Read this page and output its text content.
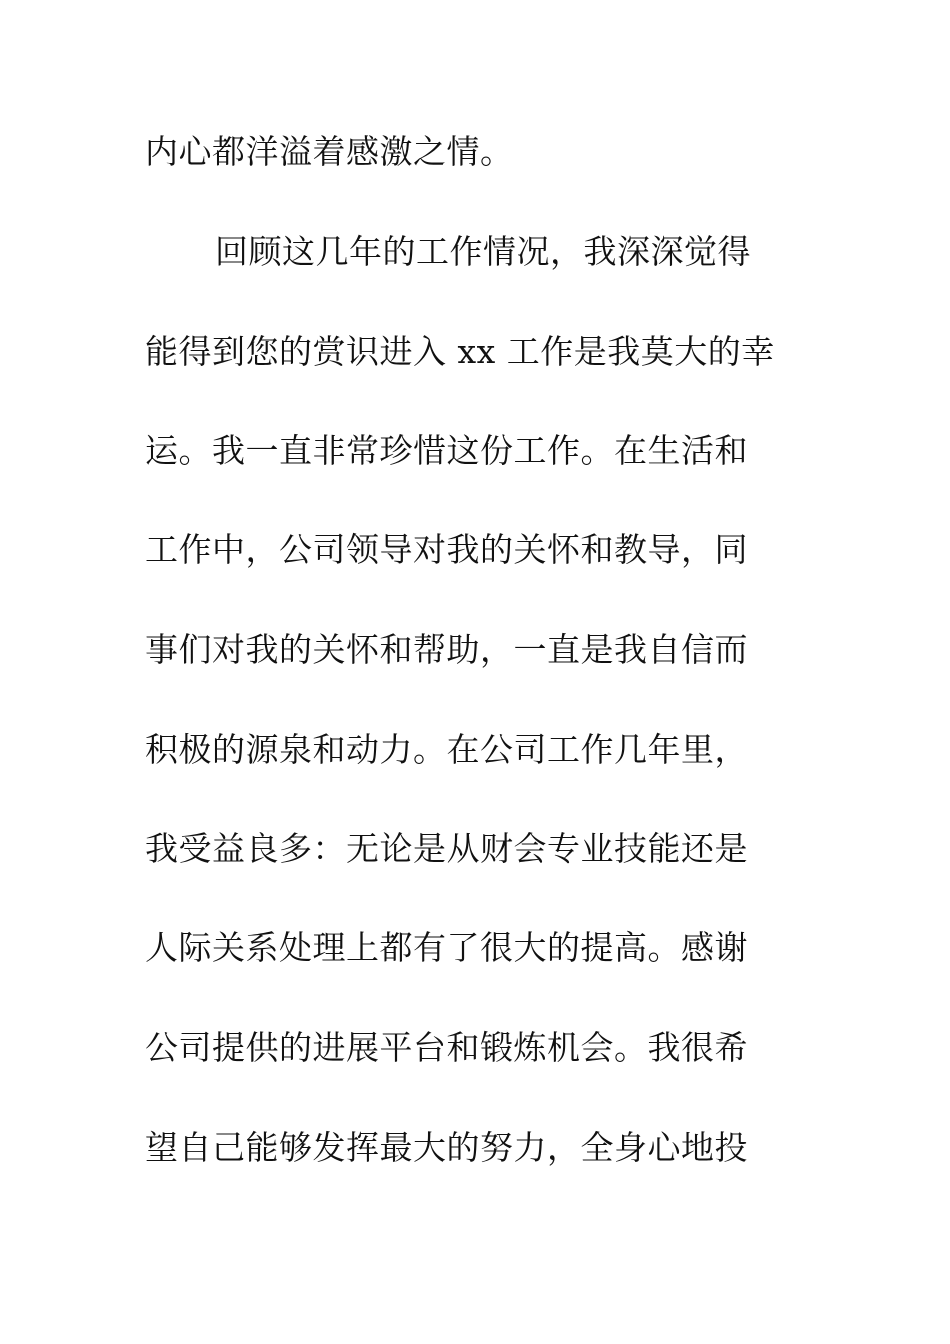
内心都洋溢着感激之情。
回顾这几年的工作情况，我深深觉得
能得到您的赏识进入 xx 工作是我莫大的幸
运。我一直非常珍惜这份工作。在生活和
工作中，公司领导对我的关怀和教导，同
事们对我的关怀和帮助，一直是我自信而
积极的源泉和动力。在公司工作几年里，
我受益良多：无论是从财会专业技能还是
人际关系处理上都有了很大的提高。感谢
公司提供的进展平台和锻炼机会。我很希
望自己能够发挥最大的努力，全身心地投
